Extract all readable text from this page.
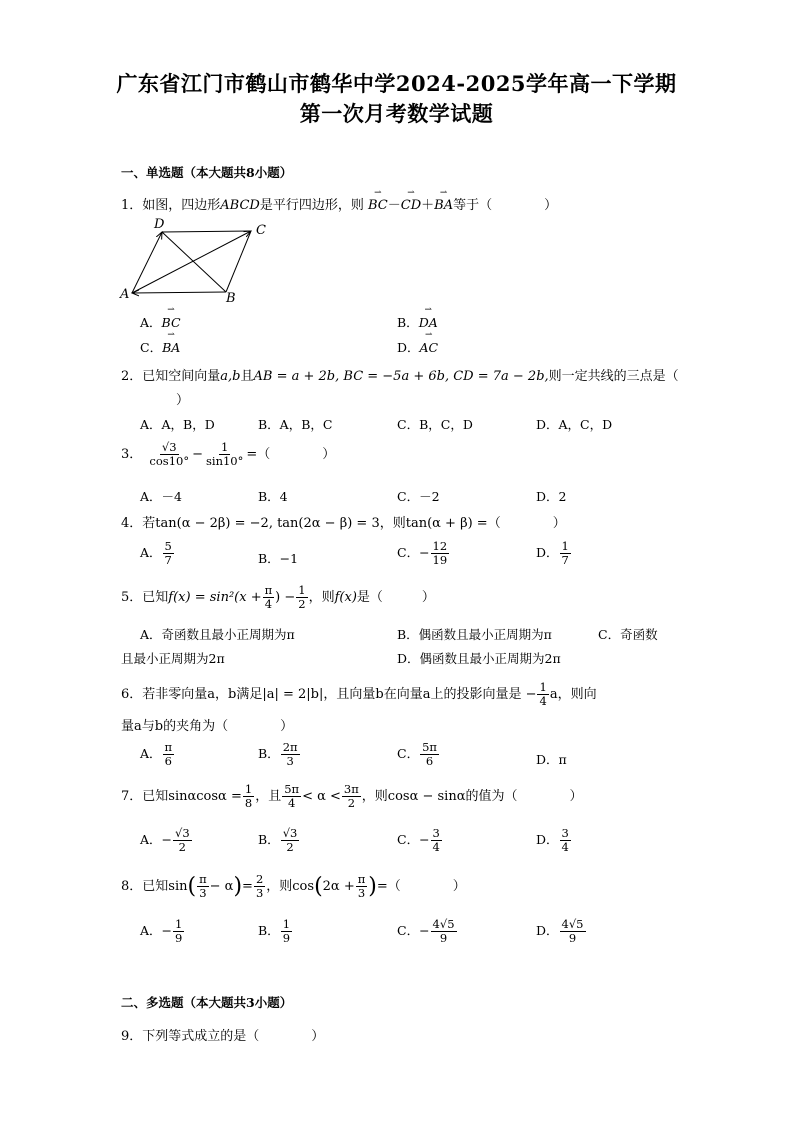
广东省江门市鹤山市鹤华中学2024-2025学年高一下学期
第一次月考数学试题
一、单选题（本大题共8小题）
1．如图，四边形ABCD是平行四边形，则 ⇀ BC－⇀ CD＋⇀ BA等于（　　　　）
D	C
A	B
A．⇀ BC	B．⇀ DA
C．⇀ BA	D．⇀ AC
2．已知空间向量a,b且AB = a + 2b, BC = −5a + 6b, CD = 7a − 2b,则一定共线的三点是（
）
A．A，B，D	B．A，B，C	C．B，C，D	D．A，C，D
3． $\frac{√3}{\cos 10^\circ} - \frac{1}{\sin 10^\circ}$ =（　　　　）
A．－4	B．4	C．－2	D．2
4．若tan(α − 2β) = −2, tan(2α − β) = 3，则tan(α + β) =（　　　　）
A． $\frac{5}{7}$	B．−1	C．− $\frac{12}{19}$	D． $\frac{1}{7}$
5．已知$f(x) = \sin^2(x + \frac{\pi}{4}$ ) − $\frac{1}{2}$ ，则f(x)是（　　　）
A．奇函数且最小正周期为π	B．偶函数且最小正周期为π	C．奇函数
且最小正周期为2π	D．偶函数且最小正周期为2π
6．若非零向量a，b满足|a| = 2|b|，且向量b在向量a上的投影向量是 − $\frac{1}{4}$ a，则向
量a与b的夹角为（　　　　）
A． $\frac{\pi}{6}$	B． $\frac{2\pi}{3}$	C． $\frac{5\pi}{6}$	D．π
7．已知$\sin\alpha\cos\alpha = \frac{1}{8}$ ，且 $\frac{5\pi}{4} < \alpha < \frac{3\pi}{2}$ ，则cosα − sinα的值为（　　　　）
A．− $\frac{√3}{2}$	B． $\frac{√3}{2}$	C．− $\frac{3}{4}$	D． $\frac{3}{4}$
8．已知$\sin( \frac{\pi}{3} - \alpha)= \frac{2}{3}$ ，则$\cos(2\alpha + \frac{\pi}{3}$ )=（　　　　）
A．− $\frac{1}{9}$	B． $\frac{1}{9}$	C．− $\frac{4√5}{9}$	D． $\frac{4√5}{9}$
二、多选题（本大题共3小题）
9．下列等式成立的是（　　　　）
